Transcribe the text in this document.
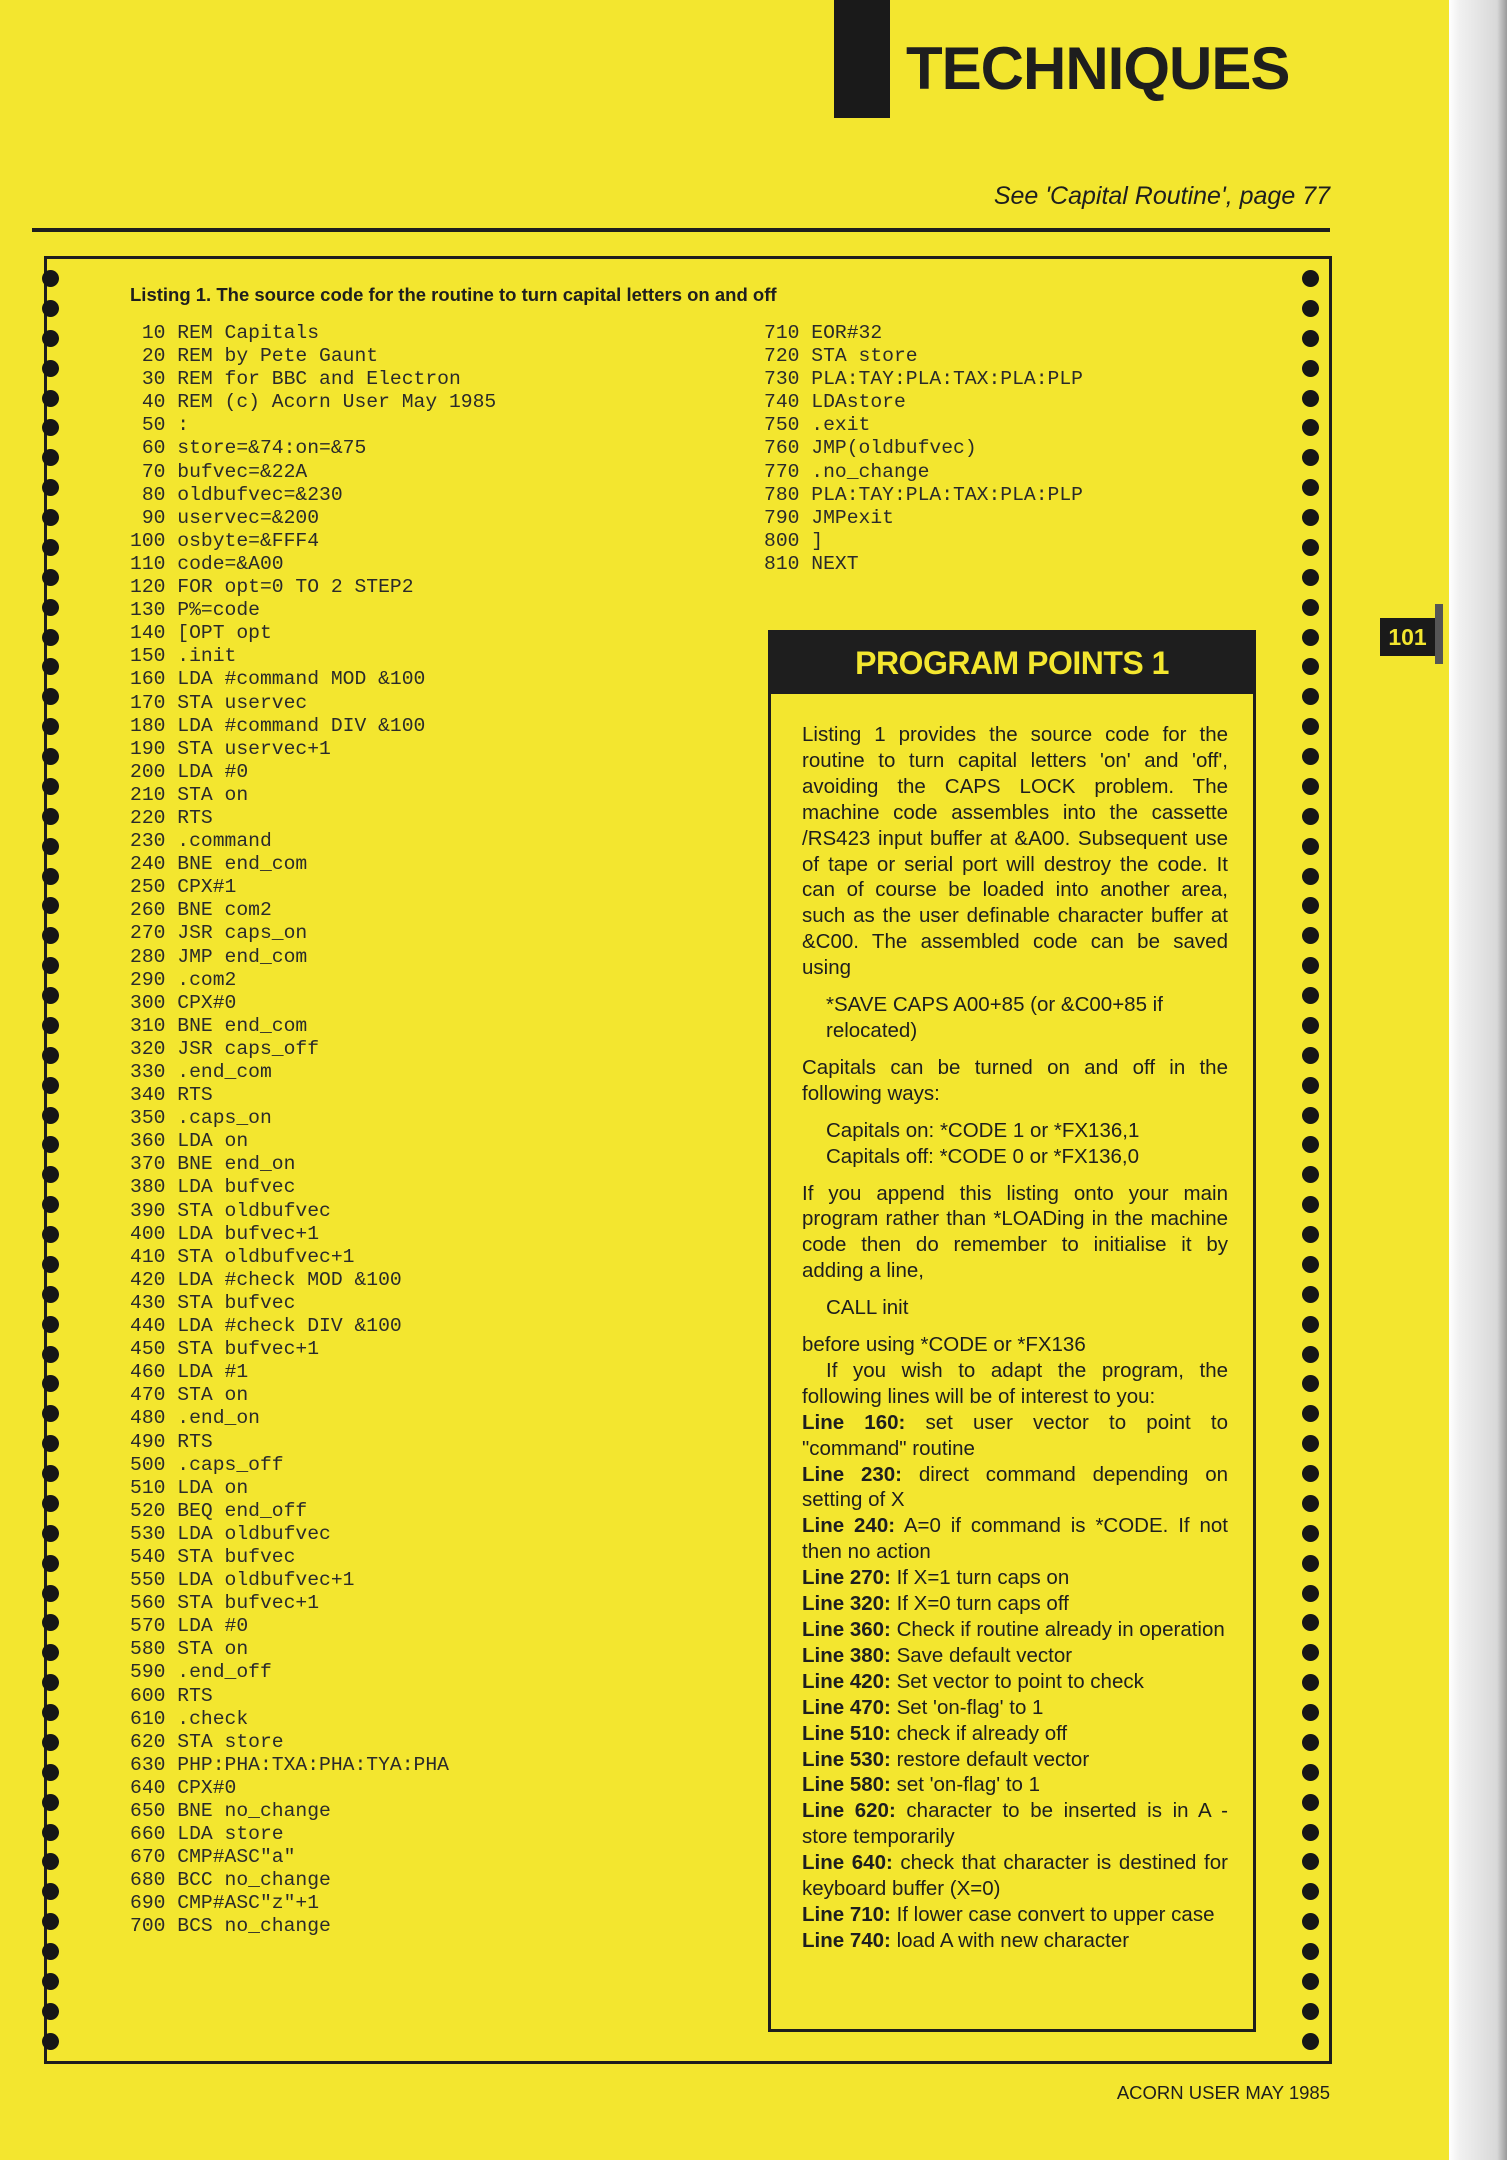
TECHNIQUES
See 'Capital Routine', page 77
Listing 1. The source code for the routine to turn capital letters on and off
10 REM Capitals
20 REM by Pete Gaunt
30 REM for BBC and Electron
40 REM (c) Acorn User May 1985
50 :
60 store=&74:on=&75
70 bufvec=&22A
80 oldbufvec=&230
90 uservec=&200
100 osbyte=&FFF4
110 code=&A00
120 FOR opt=0 TO 2 STEP2
130 P%=code
140 [OPT opt
150 .init
160 LDA #command MOD &100
170 STA uservec
180 LDA #command DIV &100
190 STA uservec+1
200 LDA #0
210 STA on
220 RTS
230 .command
240 BNE end_com
250 CPX#1
260 BNE com2
270 JSR caps_on
280 JMP end_com
290 .com2
300 CPX#0
310 BNE end_com
320 JSR caps_off
330 .end_com
340 RTS
350 .caps_on
360 LDA on
370 BNE end_on
380 LDA bufvec
390 STA oldbufvec
400 LDA bufvec+1
410 STA oldbufvec+1
420 LDA #check MOD &100
430 STA bufvec
440 LDA #check DIV &100
450 STA bufvec+1
460 LDA #1
470 STA on
480 .end_on
490 RTS
500 .caps_off
510 LDA on
520 BEQ end_off
530 LDA oldbufvec
540 STA bufvec
550 LDA oldbufvec+1
560 STA bufvec+1
570 LDA #0
580 STA on
590 .end_off
600 RTS
610 .check
620 STA store
630 PHP:PHA:TXA:PHA:TYA:PHA
640 CPX#0
650 BNE no_change
660 LDA store
670 CMP#ASC"a"
680 BCC no_change
690 CMP#ASC"z"+1
700 BCS no_change
710 EOR#32
720 STA store
730 PLA:TAY:PLA:TAX:PLA:PLP
740 LDAstore
750 .exit
760 JMP(oldbufvec)
770 .no_change
780 PLA:TAY:PLA:TAX:PLA:PLP
790 JMPexit
800 ]
810 NEXT
PROGRAM POINTS 1

Listing 1 provides the source code for the routine to turn capital letters 'on' and 'off', avoiding the CAPS LOCK problem. The machine code assembles into the cassette /RS423 input buffer at &A00. Subsequent use of tape or serial port will destroy the code. It can of course be loaded into another area, such as the user definable character buffer at &C00. The assembled code can be saved using

*SAVE CAPS A00+85 (or &C00+85 if relocated)

Capitals can be turned on and off in the following ways:

Capitals on: *CODE 1 or *FX136,1

Capitals off: *CODE 0 or *FX136,0

If you append this listing onto your main program rather than *LOADing in the machine code then do remember to initialise it by adding a line,

CALL init

before using *CODE or *FX136

If you wish to adapt the program, the following lines will be of interest to you:

Line 160: set user vector to point to "command" routine

Line 230: direct command depending on setting of X

Line 240: A=0 if command is *CODE. If not then no action

Line 270: If X=1 turn caps on

Line 320: If X=0 turn caps off

Line 360: Check if routine already in operation

Line 380: Save default vector

Line 420: Set vector to point to check

Line 470: Set 'on-flag' to 1

Line 510: check if already off

Line 530: restore default vector

Line 580: set 'on-flag' to 1

Line 620: character to be inserted is in A - store temporarily

Line 640: check that character is destined for keyboard buffer (X=0)

Line 710: If lower case convert to upper case

Line 740: load A with new character

101
ACORN USER MAY 1985
